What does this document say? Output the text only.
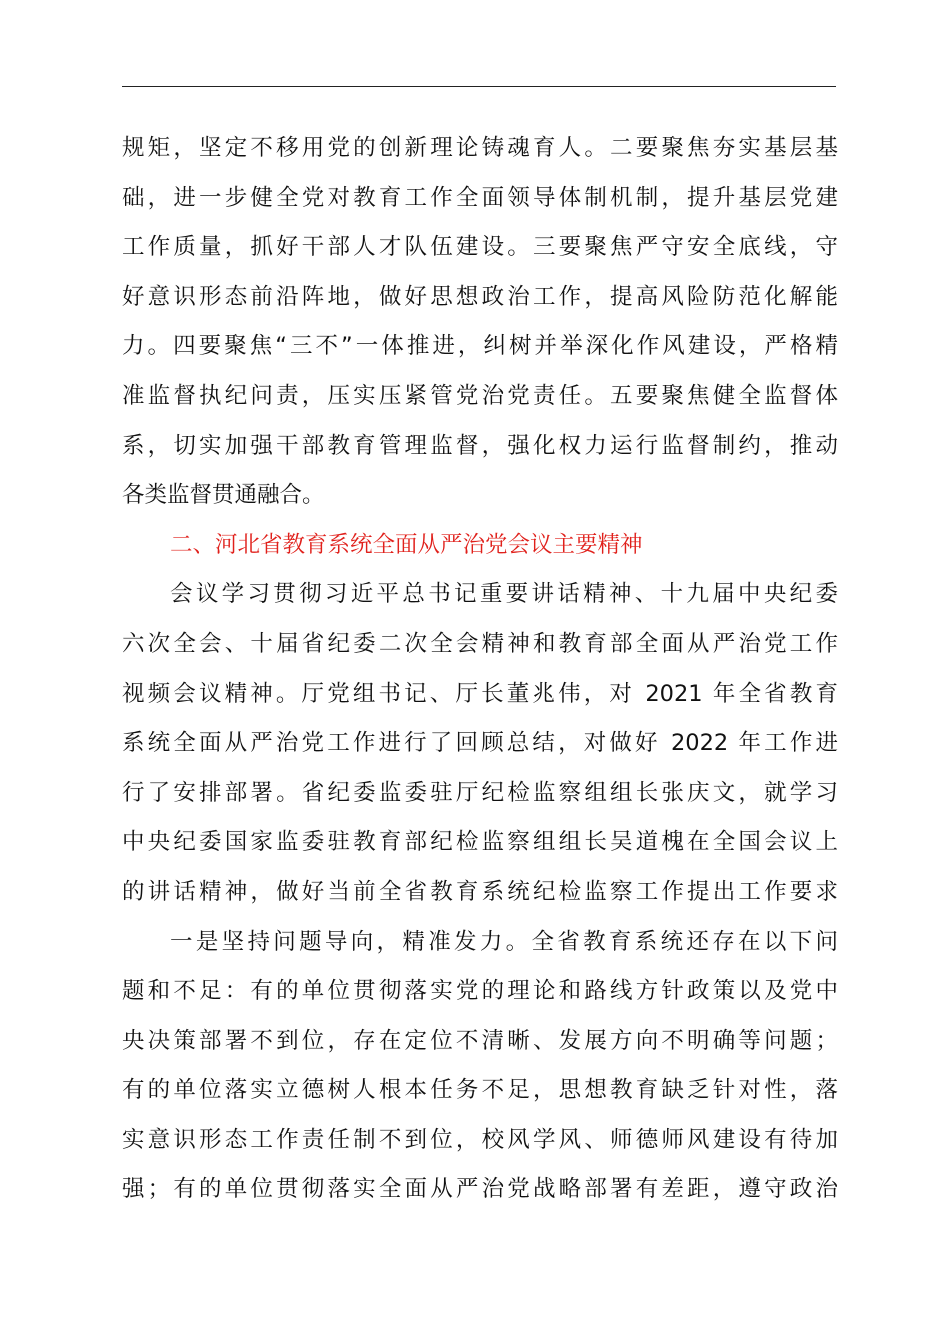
规矩，坚定不移用党的创新理论铸魂育人。二要聚焦夯实基层基
础，进一步健全党对教育工作全面领导体制机制，提升基层党建
工作质量，抓好干部人才队伍建设。三要聚焦严守安全底线，守
好意识形态前沿阵地，做好思想政治工作，提高风险防范化解能
力。四要聚焦“三不”一体推进，纠树并举深化作风建设，严格精
准监督执纪问责，压实压紧管党治党责任。五要聚焦健全监督体
系，切实加强干部教育管理监督，强化权力运行监督制约，推动
各类监督贯通融合。
二、河北省教育系统全面从严治党会议主要精神
会议学习贯彻习近平总书记重要讲话精神、十九届中央纪委
六次全会、十届省纪委二次全会精神和教育部全面从严治党工作
视频会议精神。厅党组书记、厅长董兆伟，对 2021 年全省教育
系统全面从严治党工作进行了回顾总结，对做好 2022 年工作进
行了安排部署。省纪委监委驻厅纪检监察组组长张庆文，就学习
中央纪委国家监委驻教育部纪检监察组组长吴道槐在全国会议上
的讲话精神，做好当前全省教育系统纪检监察工作提出工作要求
一是坚持问题导向，精准发力。全省教育系统还存在以下问
题和不足：有的单位贯彻落实党的理论和路线方针政策以及党中
央决策部署不到位，存在定位不清晰、发展方向不明确等问题；
有的单位落实立德树人根本任务不足，思想教育缺乏针对性，落
实意识形态工作责任制不到位，校风学风、师德师风建设有待加
强；有的单位贯彻落实全面从严治党战略部署有差距，遵守政治
